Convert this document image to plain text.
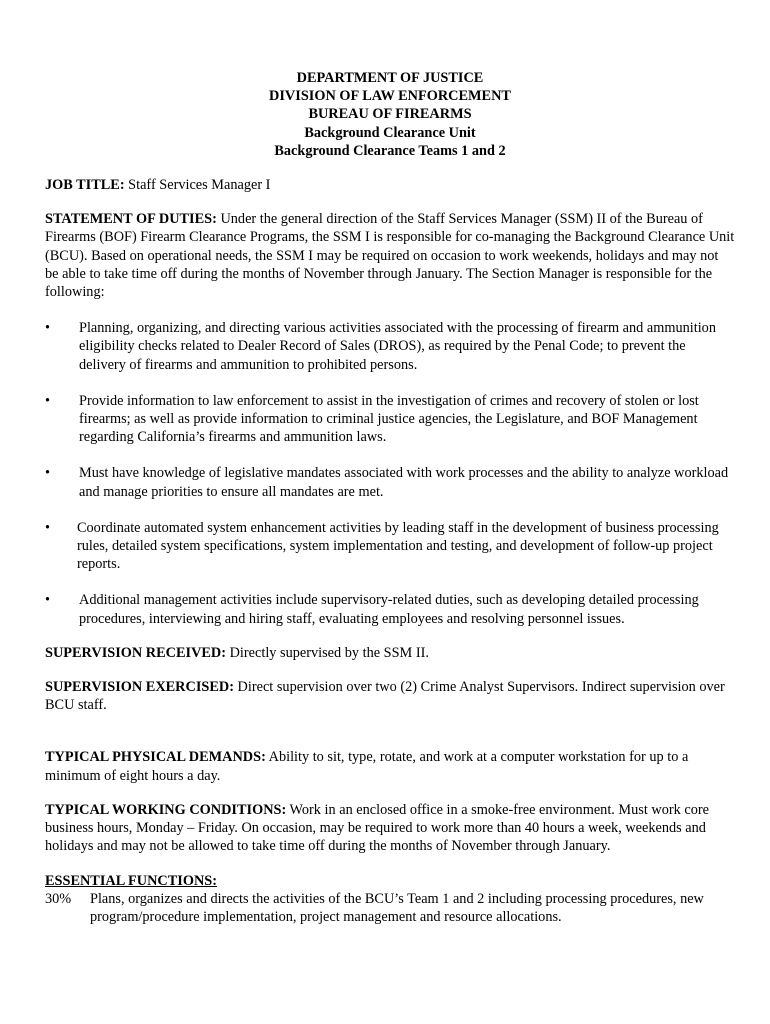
DEPARTMENT OF JUSTICE
DIVISION OF LAW ENFORCEMENT
BUREAU OF FIREARMS
Background Clearance Unit
Background Clearance Teams 1 and 2

JOB TITLE: Staff Services Manager I

STATEMENT OF DUTIES: Under the general direction of the Staff Services Manager (SSM) II of the Bureau of Firearms (BOF) Firearm Clearance Programs, the SSM I is responsible for co-managing the Background Clearance Unit (BCU). Based on operational needs, the SSM I may be required on occasion to work weekends, holidays and may not be able to take time off during the months of November through January. The Section Manager is responsible for the following:

•	Planning, organizing, and directing various activities associated with the processing of firearm and ammunition eligibility checks related to Dealer Record of Sales (DROS), as required by the Penal Code; to prevent the delivery of firearms and ammunition to prohibited persons.
•	Provide information to law enforcement to assist in the investigation of crimes and recovery of stolen or lost firearms; as well as provide information to criminal justice agencies, the Legislature, and BOF Management regarding California’s firearms and ammunition laws.
•	Must have knowledge of legislative mandates associated with work processes and the ability to analyze workload and manage priorities to ensure all mandates are met.
•	Coordinate automated system enhancement activities by leading staff in the development of business processing rules, detailed system specifications, system implementation and testing, and development of follow-up project reports.
•	Additional management activities include supervisory-related duties, such as developing detailed processing procedures, interviewing and hiring staff, evaluating employees and resolving personnel issues.

SUPERVISION RECEIVED: Directly supervised by the SSM II.

SUPERVISION EXERCISED: Direct supervision over two (2) Crime Analyst Supervisors. Indirect supervision over BCU staff.

TYPICAL PHYSICAL DEMANDS: Ability to sit, type, rotate, and work at a computer workstation for up to a minimum of eight hours a day.

TYPICAL WORKING CONDITIONS: Work in an enclosed office in a smoke-free environment. Must work core business hours, Monday – Friday. On occasion, may be required to work more than 40 hours a week, weekends and holidays and may not be allowed to take time off during the months of November through January.

ESSENTIAL FUNCTIONS:

30%	Plans, organizes and directs the activities of the BCU’s Team 1 and 2 including processing procedures, new program/procedure implementation, project management and resource allocations.
